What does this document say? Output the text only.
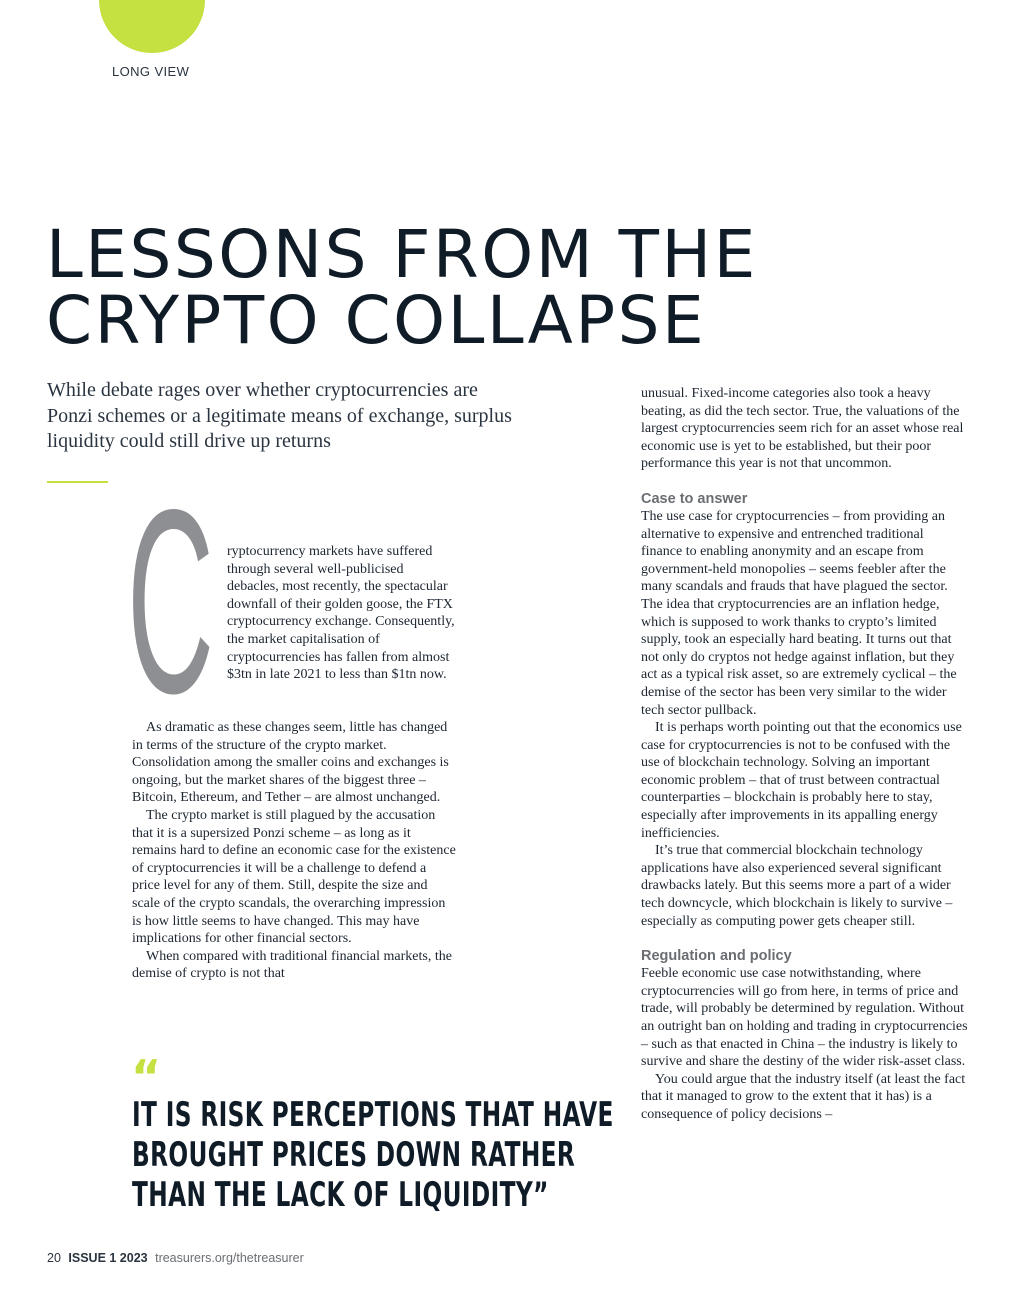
LONG VIEW
LESSONS FROM THE
CRYPTO COLLAPSE

While debate rages over whether cryptocurrencies are Ponzi schemes or a legitimate means of exchange, surplus liquidity could still drive up returns

C ryptocurrency markets have suffered through several well-publicised debacles, most recently, the spectacular downfall of their golden goose, the FTX cryptocurrency exchange. Consequently, the market capitalisation of cryptocurrencies has fallen from almost $3tn in late 2021 to less than $1tn now.

As dramatic as these changes seem, little has changed in terms of the structure of the crypto market. Consolidation among the smaller coins and exchanges is ongoing, but the market shares of the biggest three – Bitcoin, Ethereum, and Tether – are almost unchanged.

The crypto market is still plagued by the accusation that it is a supersized Ponzi scheme – as long as it remains hard to define an economic case for the existence of cryptocurrencies it will be a challenge to defend a price level for any of them. Still, despite the size and scale of the crypto scandals, the overarching impression is how little seems to have changed. This may have implications for other financial sectors.

When compared with traditional financial markets, the demise of crypto is not that

“
IT IS RISK PERCEPTIONS THAT HAVE
BROUGHT PRICES DOWN RATHER
THAN THE LACK OF LIQUIDITY”

unusual. Fixed-income categories also took a heavy beating, as did the tech sector. True, the valuations of the largest cryptocurrencies seem rich for an asset whose real economic use is yet to be established, but their poor performance this year is not that uncommon.

Case to answer

The use case for cryptocurrencies – from providing an alternative to expensive and entrenched traditional finance to enabling anonymity and an escape from government-held monopolies – seems feebler after the many scandals and frauds that have plagued the sector. The idea that cryptocurrencies are an inflation hedge, which is supposed to work thanks to crypto’s limited supply, took an especially hard beating. It turns out that not only do cryptos not hedge against inflation, but they act as a typical risk asset, so are extremely cyclical – the demise of the sector has been very similar to the wider tech sector pullback.

It is perhaps worth pointing out that the economics use case for cryptocurrencies is not to be confused with the use of blockchain technology. Solving an important economic problem – that of trust between contractual counterparties – blockchain is probably here to stay, especially after improvements in its appalling energy inefficiencies.

It’s true that commercial blockchain technology applications have also experienced several significant drawbacks lately. But this seems more a part of a wider tech downcycle, which blockchain is likely to survive – especially as computing power gets cheaper still.

Regulation and policy

Feeble economic use case notwithstanding, where cryptocurrencies will go from here, in terms of price and trade, will probably be determined by regulation. Without an outright ban on holding and trading in cryptocurrencies – such as that enacted in China – the industry is likely to survive and share the destiny of the wider risk-asset class.

You could argue that the industry itself (at least the fact that it managed to grow to the extent that it has) is a consequence of policy decisions –

20 ISSUE 1 2023 treasurers.org/thetreasurer
